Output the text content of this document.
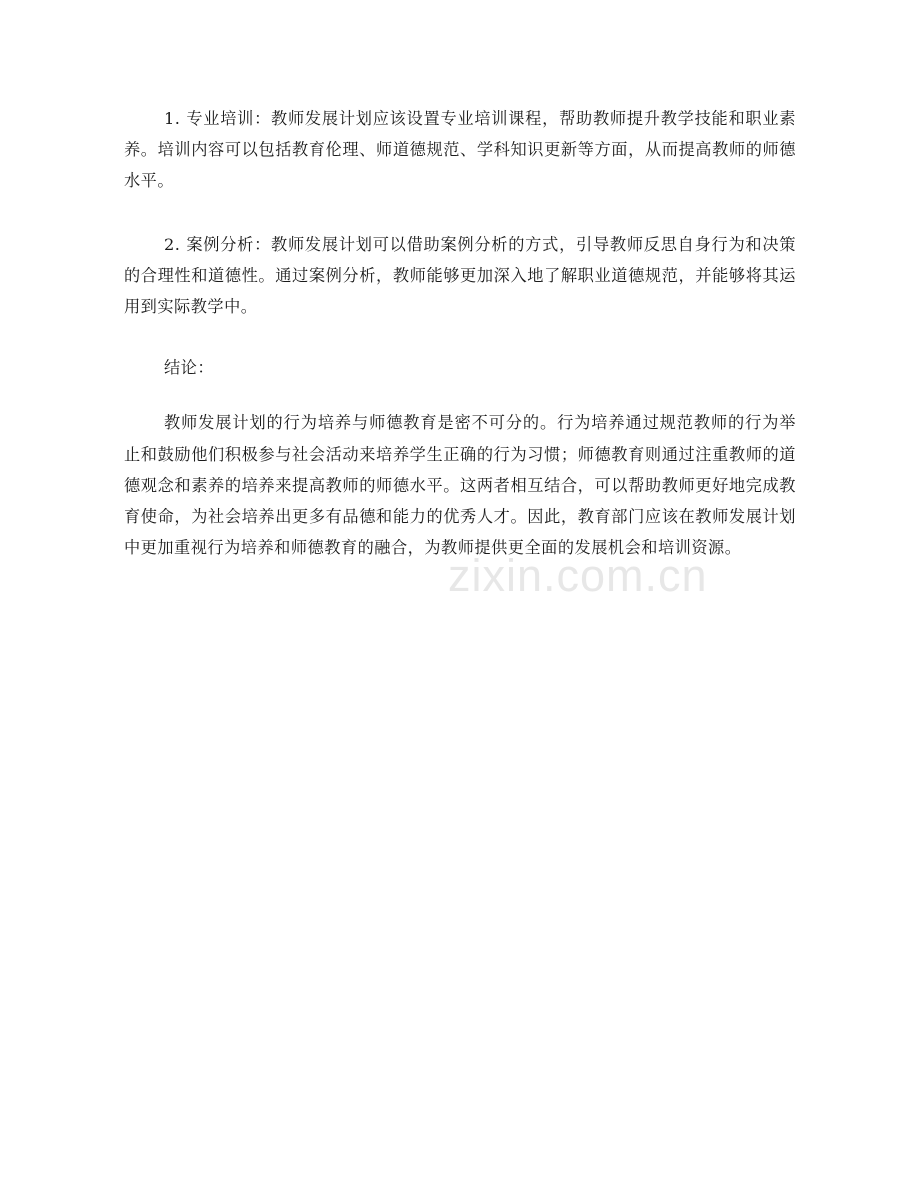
1. 专业培训：教师发展计划应该设置专业培训课程，帮助教师提升教学技能和职业素养。培训内容可以包括教育伦理、师道德规范、学科知识更新等方面，从而提高教师的师德水平。

2. 案例分析：教师发展计划可以借助案例分析的方式，引导教师反思自身行为和决策的合理性和道德性。通过案例分析，教师能够更加深入地了解职业道德规范，并能够将其运用到实际教学中。

结论：

教师发展计划的行为培养与师德教育是密不可分的。行为培养通过规范教师的行为举止和鼓励他们积极参与社会活动来培养学生正确的行为习惯；师德教育则通过注重教师的道德观念和素养的培养来提高教师的师德水平。这两者相互结合，可以帮助教师更好地完成教育使命，为社会培养出更多有品德和能力的优秀人才。因此，教育部门应该在教师发展计划中更加重视行为培养和师德教育的融合，为教师提供更全面的发展机会和培训资源。

zixin.com.cn
